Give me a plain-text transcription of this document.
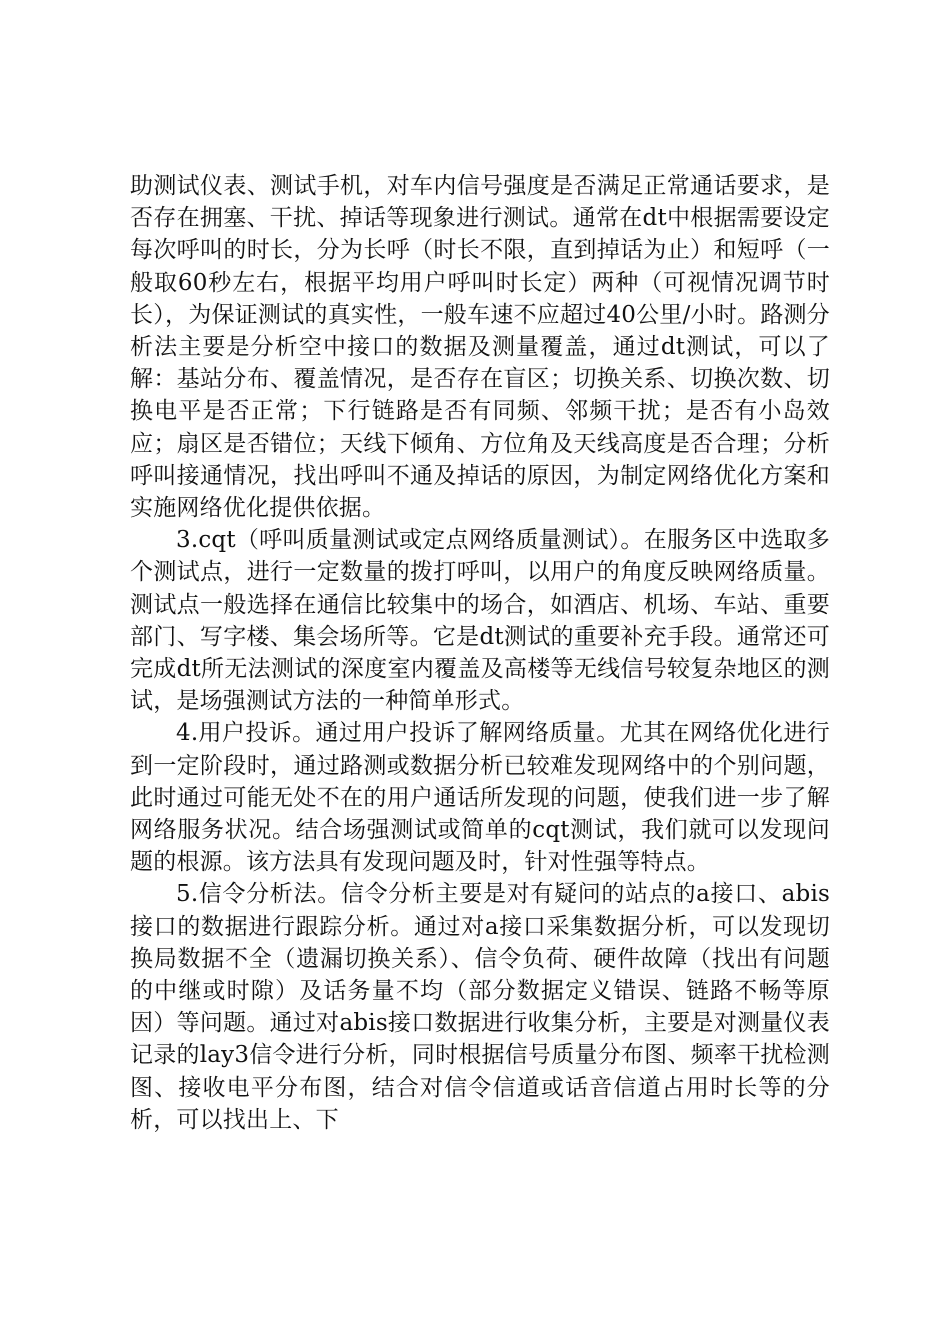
助测试仪表、测试手机，对车内信号强度是否满足正常通话要求，是否存在拥塞、干扰、掉话等现象进行测试。通常在dt中根据需要设定每次呼叫的时长，分为长呼（时长不限，直到掉话为止）和短呼（一般取60秒左右，根据平均用户呼叫时长定）两种（可视情况调节时长），为保证测试的真实性，一般车速不应超过40公里/小时。路测分析法主要是分析空中接口的数据及测量覆盖，通过dt测试，可以了解：基站分布、覆盖情况，是否存在盲区；切换关系、切换次数、切换电平是否正常；下行链路是否有同频、邻频干扰；是否有小岛效应；扇区是否错位；天线下倾角、方位角及天线高度是否合理；分析呼叫接通情况，找出呼叫不通及掉话的原因，为制定网络优化方案和实施网络优化提供依据。

3.cqt（呼叫质量测试或定点网络质量测试）。在服务区中选取多个测试点，进行一定数量的拨打呼叫，以用户的角度反映网络质量。测试点一般选择在通信比较集中的场合，如酒店、机场、车站、重要部门、写字楼、集会场所等。它是dt测试的重要补充手段。通常还可完成dt所无法测试的深度室内覆盖及高楼等无线信号较复杂地区的测试，是场强测试方法的一种简单形式。

4.用户投诉。通过用户投诉了解网络质量。尤其在网络优化进行到一定阶段时，通过路测或数据分析已较难发现网络中的个别问题，此时通过可能无处不在的用户通话所发现的问题，使我们进一步了解网络服务状况。结合场强测试或简单的cqt测试，我们就可以发现问题的根源。该方法具有发现问题及时，针对性强等特点。

5.信令分析法。信令分析主要是对有疑问的站点的a接口、abis接口的数据进行跟踪分析。通过对a接口采集数据分析，可以发现切换局数据不全（遗漏切换关系）、信令负荷、硬件故障（找出有问题的中继或时隙）及话务量不均（部分数据定义错误、链路不畅等原因）等问题。通过对abis接口数据进行收集分析，主要是对测量仪表记录的lay3信令进行分析，同时根据信号质量分布图、频率干扰检测图、接收电平分布图，结合对信令信道或话音信道占用时长等的分析，可以找出上、下
